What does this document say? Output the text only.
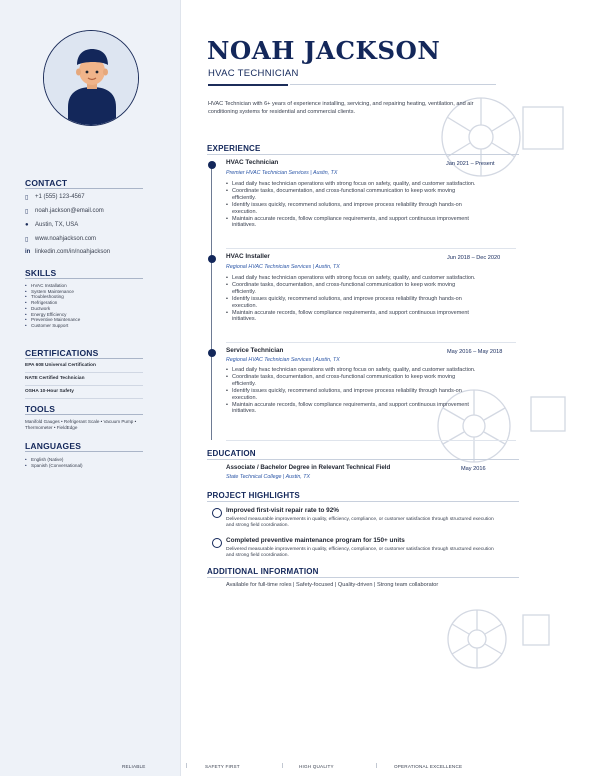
CONTACT
▯	+1 (555) 123-4567
▯	noah.jackson@email.com
●	Austin, TX, USA
▯	www.noahjackson.com
in linkedin.com/in/noahjackson
SKILLS
• HVAC Installation
• System Maintenance
• Troubleshooting
• Refrigeration
• Ductwork
• Energy Efficiency
• Preventive Maintenance
• Customer Support
CERTIFICATIONS
EPA 608 Universal Certification
NATE Certified Technician
OSHA 10-Hour Safety
TOOLS
Manifold Gauges • Refrigerant Scale • Vacuum Pump • Thermometer • FieldEdge
LANGUAGES
• English (Native)
• Spanish (Conversational)
NOAH JACKSON
HVAC TECHNICIAN
HVAC Technician with 6+ years of experience installing, servicing, and repairing heating, ventilation, and air conditioning systems for residential and commercial clients.
EXPERIENCE
HVAC Technician	Jan 2021 – Present
Premier HVAC Technician Services | Austin, TX
• Lead daily hvac technician operations with strong focus on safety, quality, and customer satisfaction.
• Coordinate tasks, documentation, and cross-functional communication to keep work moving efficiently.
• Identify issues quickly, recommend solutions, and improve process reliability through hands-on execution.
• Maintain accurate records, follow compliance requirements, and support continuous improvement initiatives.
HVAC Installer	Jun 2018 – Dec 2020
Regional HVAC Technician Services | Austin, TX
• Lead daily hvac technician operations with strong focus on safety, quality, and customer satisfaction.
• Coordinate tasks, documentation, and cross-functional communication to keep work moving efficiently.
• Identify issues quickly, recommend solutions, and improve process reliability through hands-on execution.
• Maintain accurate records, follow compliance requirements, and support continuous improvement initiatives.
Service Technician	May 2016 – May 2018
Regional HVAC Technician Services | Austin, TX
• Lead daily hvac technician operations with strong focus on safety, quality, and customer satisfaction.
• Coordinate tasks, documentation, and cross-functional communication to keep work moving efficiently.
• Identify issues quickly, recommend solutions, and improve process reliability through hands-on execution.
• Maintain accurate records, follow compliance requirements, and support continuous improvement initiatives.
EDUCATION
Associate / Bachelor Degree in Relevant Technical Field	May 2016
State Technical College | Austin, TX
PROJECT HIGHLIGHTS
Improved first-visit repair rate to 92%
Delivered measurable improvements in quality, efficiency, compliance, or customer satisfaction through structured execution and strong field coordination.
Completed preventive maintenance program for 150+ units
Delivered measurable improvements in quality, efficiency, compliance, or customer satisfaction through structured execution and strong field coordination.
ADDITIONAL INFORMATION
Available for full-time roles | Safety-focused | Quality-driven | Strong team collaborator
RELIABLE	|	SAFETY FIRST	|	HIGH QUALITY	|	OPERATIONAL EXCELLENCE
